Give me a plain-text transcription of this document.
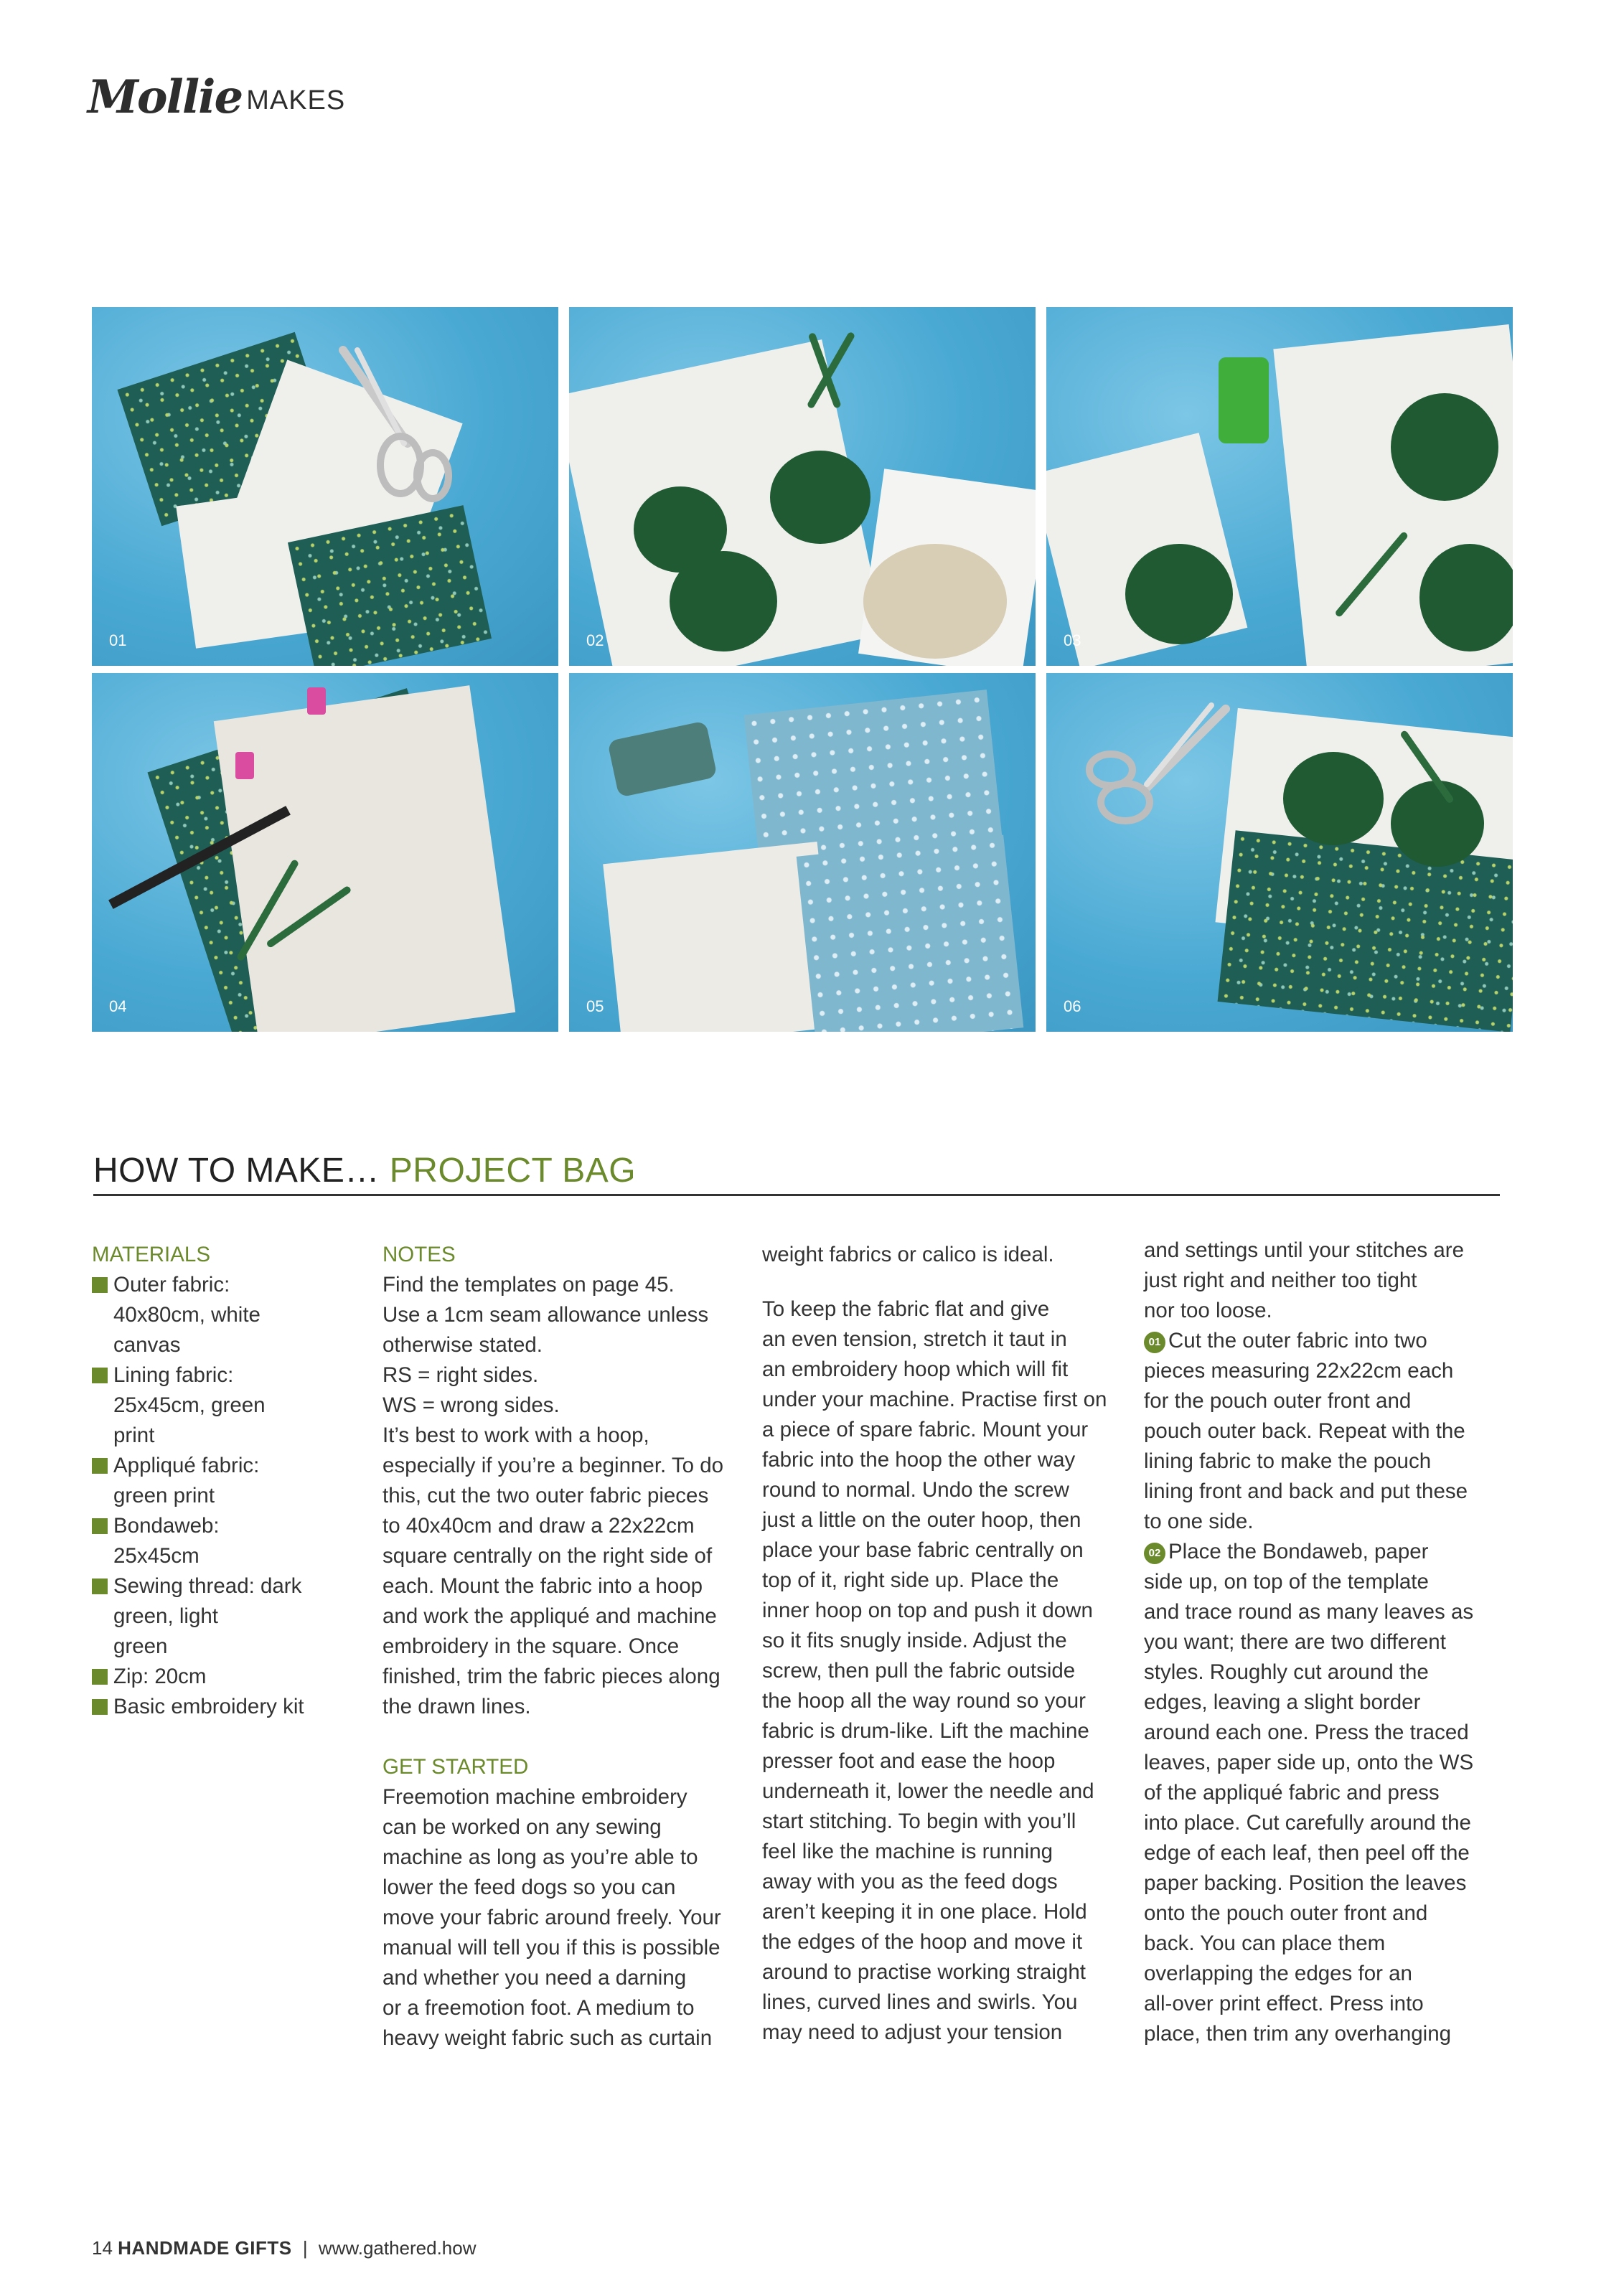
Mollie MAKES
01	02	03
04	05	06
HOW TO MAKE… PROJECT BAG

MATERIALS

Outer fabric:

40x80cm, white

canvas

Lining fabric:

25x45cm, green

print

Appliqué fabric:

green print

Bondaweb:

25x45cm

Sewing thread: dark

green, light

green

Zip: 20cm

Basic embroidery kit

NOTES

Find the templates on page 45.

Use a 1cm seam allowance unless

otherwise stated.

RS = right sides.

WS = wrong sides.

It’s best to work with a hoop,

especially if you’re a beginner. To do

this, cut the two outer fabric pieces

to 40x40cm and draw a 22x22cm

square centrally on the right side of

each. Mount the fabric into a hoop

and work the appliqué and machine

embroidery in the square. Once

finished, trim the fabric pieces along

the drawn lines.

GET STARTED

Freemotion machine embroidery

can be worked on any sewing

machine as long as you’re able to

lower the feed dogs so you can

move your fabric around freely. Your

manual will tell you if this is possible

and whether you need a darning

or a freemotion foot. A medium to

heavy weight fabric such as curtain

weight fabrics or calico is ideal.

To keep the fabric flat and give

an even tension, stretch it taut in

an embroidery hoop which will fit

under your machine. Practise first on

a piece of spare fabric. Mount your

fabric into the hoop the other way

round to normal. Undo the screw

just a little on the outer hoop, then

place your base fabric centrally on

top of it, right side up. Place the

inner hoop on top and push it down

so it fits snugly inside. Adjust the

screw, then pull the fabric outside

the hoop all the way round so your

fabric is drum-like. Lift the machine

presser foot and ease the hoop

underneath it, lower the needle and

start stitching. To begin with you’ll

feel like the machine is running

away with you as the feed dogs

aren’t keeping it in one place. Hold

the edges of the hoop and move it

around to practise working straight

lines, curved lines and swirls. You

may need to adjust your tension

and settings until your stitches are

just right and neither too tight

nor too loose.

01 Cut the outer fabric into two

pieces measuring 22x22cm each

for the pouch outer front and

pouch outer back. Repeat with the

lining fabric to make the pouch

lining front and back and put these

to one side.

02 Place the Bondaweb, paper

side up, on top of the template

and trace round as many leaves as

you want; there are two different

styles. Roughly cut around the

edges, leaving a slight border

around each one. Press the traced

leaves, paper side up, onto the WS

of the appliqué fabric and press

into place. Cut carefully around the

edge of each leaf, then peel off the

paper backing. Position the leaves

onto the pouch outer front and

back. You can place them

overlapping the edges for an

all-over print effect. Press into

place, then trim any overhanging

14 HANDMADE GIFTS | www.gathered.how
